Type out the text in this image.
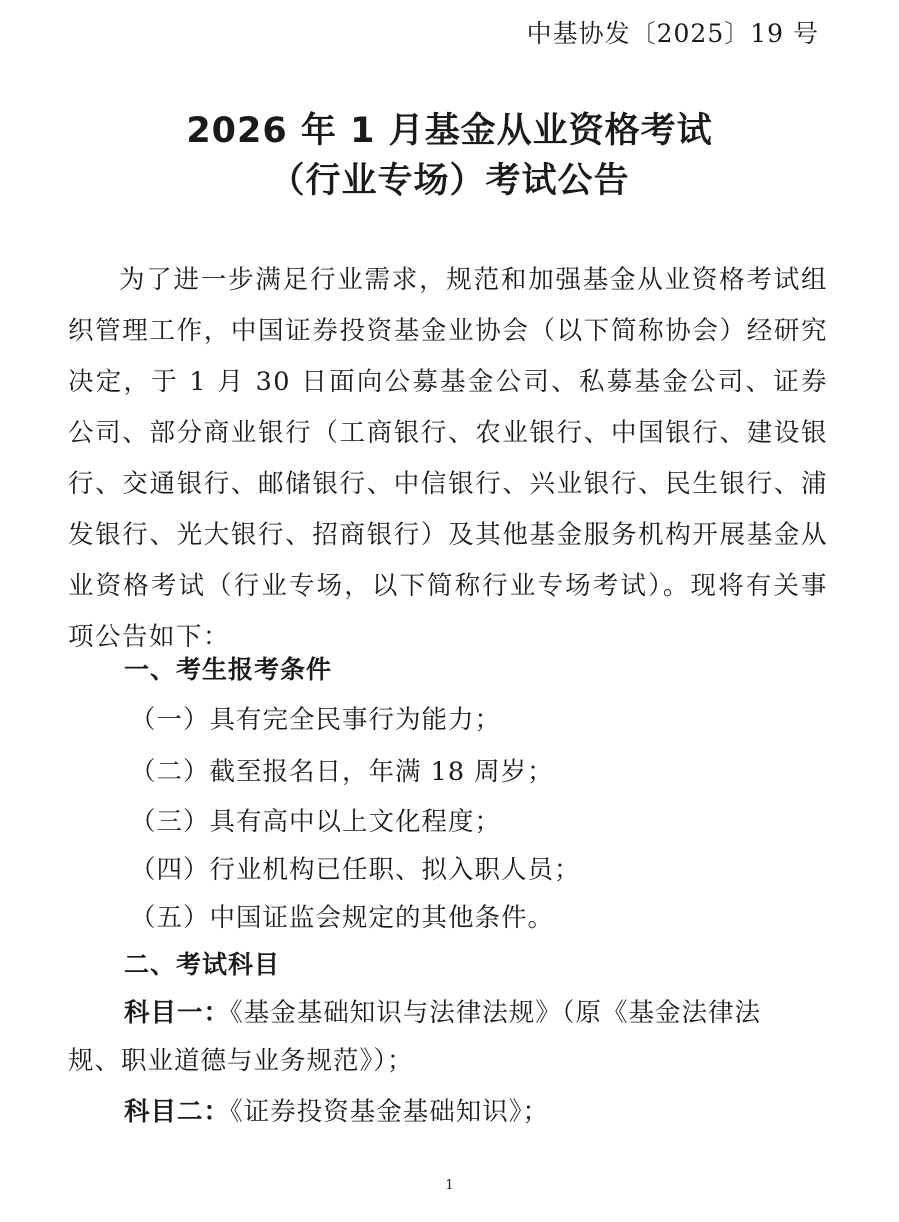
中基协发〔2025〕19 号
2026 年 1 月基金从业资格考试
（行业专场）考试公告

为了进一步满足行业需求，规范和加强基金从业资格考试组织管理工作，中国证券投资基金业协会（以下简称协会）经研究决定，于 1 月 30 日面向公募基金公司、私募基金公司、证券公司、部分商业银行（工商银行、农业银行、中国银行、建设银行、交通银行、邮储银行、中信银行、兴业银行、民生银行、浦发银行、光大银行、招商银行）及其他基金服务机构开展基金从业资格考试（行业专场，以下简称行业专场考试）。现将有关事项公告如下：

一、考生报考条件
（一）具有完全民事行为能力；
（二）截至报名日，年满 18 周岁；
（三）具有高中以上文化程度；
（四）行业机构已任职、拟入职人员；
（五）中国证监会规定的其他条件。
二、考试科目
科目一：《基金基础知识与法律法规》（原《基金法律法
规、职业道德与业务规范》）；
科目二：《证券投资基金基础知识》；
1
